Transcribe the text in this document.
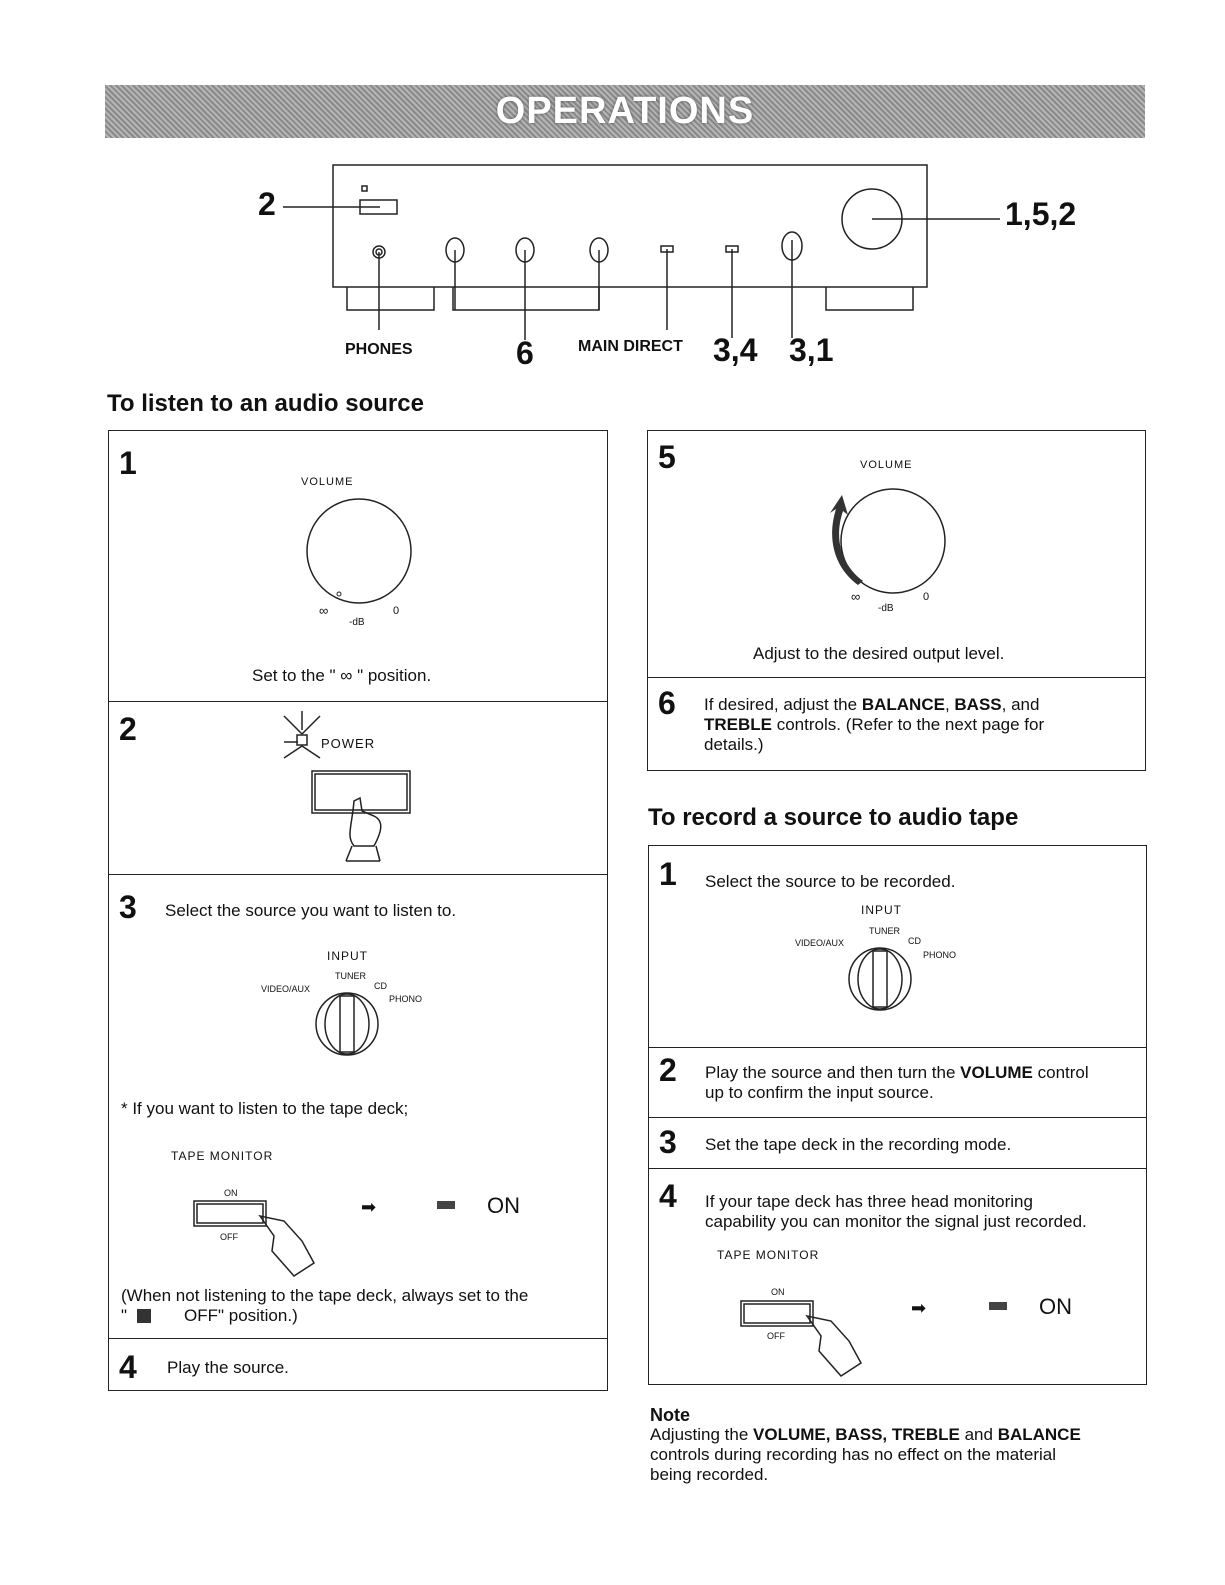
OPERATIONS
2	1,5,2
PHONES	6	MAIN DIRECT 3,4 3,1
To listen to an audio source
1
VOLUME
∞	0
-dB
Set to the " ∞ " position.
2	POWER
3 Select the source you want to listen to.
INPUT
TUNER
VIDEO/AUX	CD
PHONO
* If you want to listen to the tape deck;
TAPE MONITOR
ON
OFF
➡	ON
(When not listening to the tape deck, always set to the
"	OFF" position.)
4 Play the source.
5	VOLUME
∞	0
-dB
Adjust to the desired output level.
6 If desired, adjust the BALANCE, BASS, and
TREBLE controls. (Refer to the next page for
details.)
To record a source to audio tape
1 Select the source to be recorded.
INPUT
TUNER
VIDEO/AUX	CD
PHONO
2 Play the source and then turn the VOLUME control
up to confirm the input source.
3 Set the tape deck in the recording mode.
4 If your tape deck has three head monitoring
capability you can monitor the signal just recorded.
TAPE MONITOR
ON
OFF
➡	ON
Note
Adjusting the VOLUME, BASS, TREBLE and BALANCE
controls during recording has no effect on the material
being recorded.
